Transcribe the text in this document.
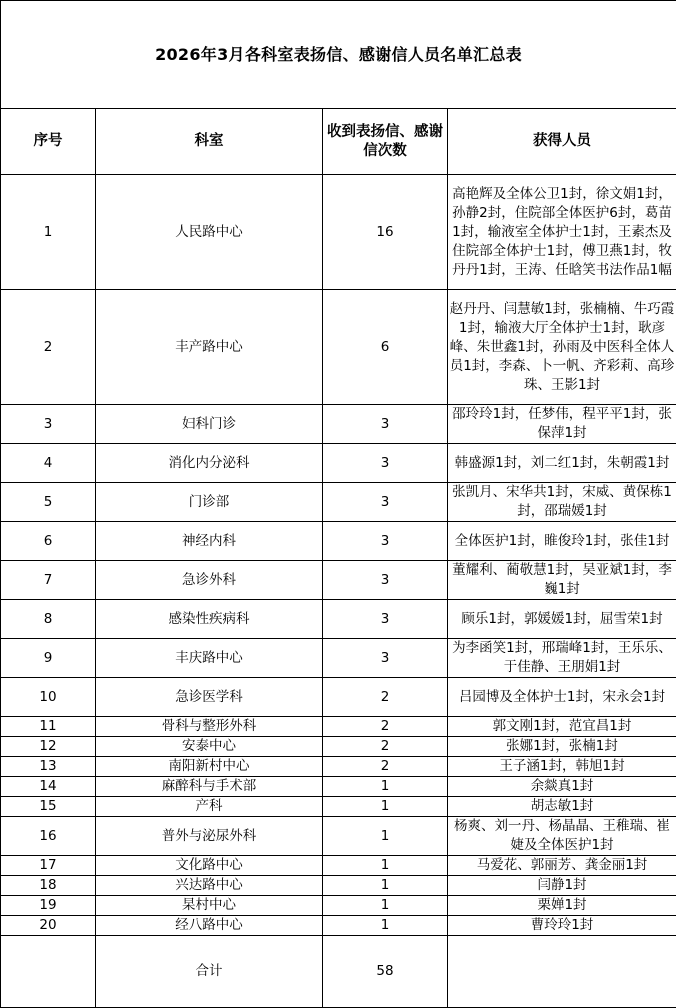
2026年3月各科室表扬信、感谢信人员名单汇总表			
序号	科室	收到表扬信、感谢信次数	获得人员
1	人民路中心	16	高艳辉及全体公卫1封，徐文娟1封，孙静2封，住院部全体医护6封，葛苗1封，输液室全体护士1封，王素杰及住院部全体护士1封，傅卫燕1封，牧丹丹1封，王涛、任晗笑书法作品1幅

2	丰产路中心	6	赵丹丹、闫慧敏1封，张楠楠、牛巧霞1封，输液大厅全体护士1封，耿彦峰、朱世鑫1封，孙雨及中医科全体人员1封，李森、卜一帆、齐彩莉、高珍珠、王影1封

3	妇科门诊	3	邵玲玲1封，任梦伟，程平平1封，张保萍1封

4	消化内分泌科	3	韩盛源1封，刘二红1封，朱朝霞1封

5	门诊部	3	张凯月、宋华共1封，宋威、黄保栋1封，邵瑞媛1封

6	神经内科	3	全体医护1封，睢俊玲1封，张佳1封

7	急诊外科	3	董耀利、蔺敬慧1封，吴亚斌1封，李巍1封

8	感染性疾病科	3	顾乐1封，郭媛媛1封，屈雪荣1封

9	丰庆路中心	3	为李函笑1封，邢瑞峰1封，王乐乐、于佳静、王朋娟1封

10	急诊医学科	2	吕园博及全体护士1封，宋永会1封

11	骨科与整形外科	2	郭文刚1封，范宜昌1封

12	安泰中心	2	张娜1封，张楠1封

13	南阳新村中心	2	王子涵1封，韩旭1封

14	麻醉科与手术部	1	余燚真1封

15	产科	1	胡志敏1封

16	普外与泌尿外科	1	杨爽、刘一丹、杨晶晶、王稚瑞、崔婕及全体医护1封

17	文化路中心	1	马爱花、郭丽芳、龚金丽1封

18	兴达路中心	1	闫静1封

19	杲村中心	1	栗婵1封

20	经八路中心	1	曹玲玲1封

	合计	58	
